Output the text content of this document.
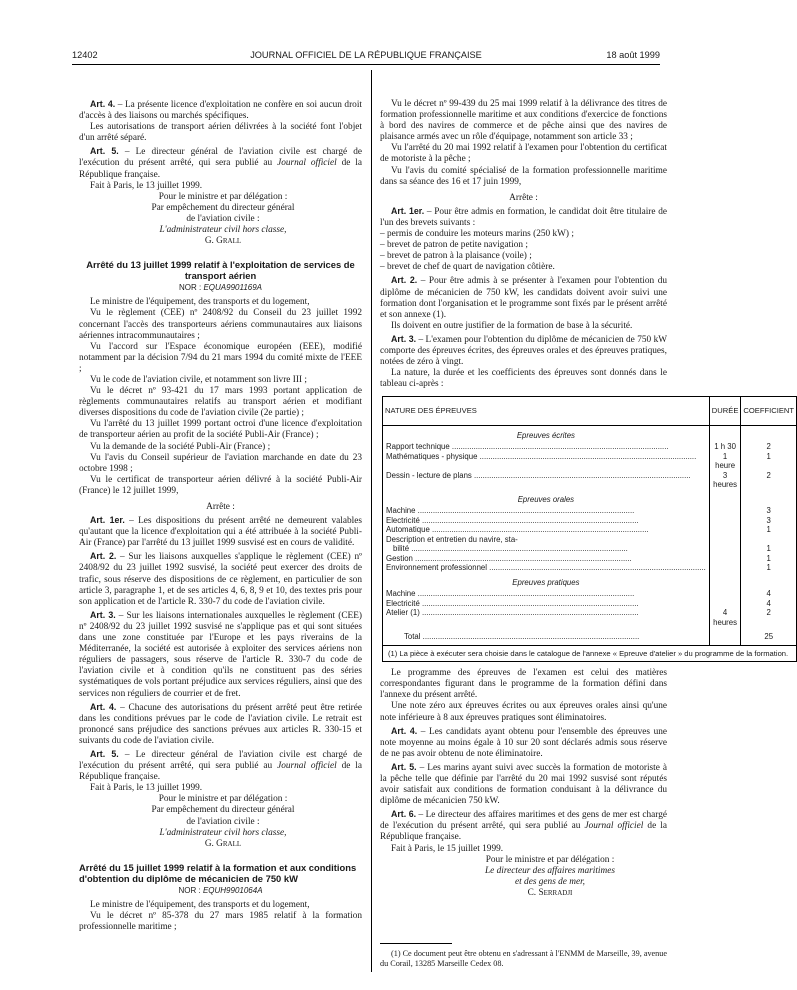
12402	JOURNAL OFFICIEL DE LA RÉPUBLIQUE FRANÇAISE	18 août 1999

Art. 4. – La présente licence d'exploitation ne confère en soi aucun droit d'accès à des liaisons ou marchés spécifiques.

Les autorisations de transport aérien délivrées à la société font l'objet d'un arrêté séparé.

Art. 5. – Le directeur général de l'aviation civile est chargé de l'exécution du présent arrêté, qui sera publié au Journal officiel de la République française.

Fait à Paris, le 13 juillet 1999.

Pour le ministre et par délégation :
Par empêchement du directeur général
de l'aviation civile :
L'administrateur civil hors classe,
G. Grall

Arrêté du 13 juillet 1999 relatif à l'exploitation de services de transport aérien

NOR : EQUA9901169A

Le ministre de l'équipement, des transports et du logement,

Vu le règlement (CEE) nº 2408/92 du Conseil du 23 juillet 1992 concernant l'accès des transporteurs aériens communautaires aux liaisons aériennes intracommunautaires ;

Vu l'accord sur l'Espace économique européen (EEE), modifié notamment par la décision 7/94 du 21 mars 1994 du comité mixte de l'EEE ;

Vu le code de l'aviation civile, et notamment son livre III ;

Vu le décret nº 93-421 du 17 mars 1993 portant application de règlements communautaires relatifs au transport aérien et modifiant diverses dispositions du code de l'aviation civile (2e partie) ;

Vu l'arrêté du 13 juillet 1999 portant octroi d'une licence d'exploitation de transporteur aérien au profit de la société Publi-Air (France) ;

Vu la demande de la société Publi-Air (France) ;

Vu l'avis du Conseil supérieur de l'aviation marchande en date du 23 octobre 1998 ;

Vu le certificat de transporteur aérien délivré à la société Publi-Air (France) le 12 juillet 1999,

Arrête :

Art. 1er. – Les dispositions du présent arrêté ne demeurent valables qu'autant que la licence d'exploitation qui a été attribuée à la société Publi-Air (France) par l'arrêté du 13 juillet 1999 susvisé est en cours de validité.

Art. 2. – Sur les liaisons auxquelles s'applique le règlement (CEE) nº 2408/92 du 23 juillet 1992 susvisé, la société peut exercer des droits de trafic, sous réserve des dispositions de ce règlement, en particulier de son article 3, paragraphe 1, et de ses articles 4, 6, 8, 9 et 10, des textes pris pour son application et de l'article R. 330-7 du code de l'aviation civile.

Art. 3. – Sur les liaisons internationales auxquelles le règlement (CEE) nº 2408/92 du 23 juillet 1992 susvisé ne s'applique pas et qui sont situées dans une zone constituée par l'Europe et les pays riverains de la Méditerranée, la société est autorisée à exploiter des services aériens non réguliers de passagers, sous réserve de l'article R. 330-7 du code de l'aviation civile et à condition qu'ils ne constituent pas des séries systématiques de vols portant préjudice aux services réguliers, ainsi que des services non réguliers de courrier et de fret.

Art. 4. – Chacune des autorisations du présent arrêté peut être retirée dans les conditions prévues par le code de l'aviation civile. Le retrait est prononcé sans préjudice des sanctions prévues aux articles R. 330-15 et suivants du code de l'aviation civile.

Art. 5. – Le directeur général de l'aviation civile est chargé de l'exécution du présent arrêté, qui sera publié au Journal officiel de la République française.

Fait à Paris, le 13 juillet 1999.

Pour le ministre et par délégation :
Par empêchement du directeur général
de l'aviation civile :
L'administrateur civil hors classe,
G. Grall

Arrêté du 15 juillet 1999 relatif à la formation et aux conditions d'obtention du diplôme de mécanicien de 750 kW

NOR : EQUH9901064A

Le ministre de l'équipement, des transports et du logement,

Vu le décret nº 85-378 du 27 mars 1985 relatif à la formation professionnelle maritime ;

Vu le décret nº 99-439 du 25 mai 1999 relatif à la délivrance des titres de formation professionnelle maritime et aux conditions d'exercice de fonctions à bord des navires de commerce et de pêche ainsi que des navires de plaisance armés avec un rôle d'équipage, notamment son article 33 ;

Vu l'arrêté du 20 mai 1992 relatif à l'examen pour l'obtention du certificat de motoriste à la pêche ;

Vu l'avis du comité spécialisé de la formation professionnelle maritime dans sa séance des 16 et 17 juin 1999,

Arrête :

Art. 1er. – Pour être admis en formation, le candidat doit être titulaire de l'un des brevets suivants :

– permis de conduire les moteurs marins (250 kW) ;
– brevet de patron de petite navigation ;
– brevet de patron à la plaisance (voile) ;
– brevet de chef de quart de navigation côtière.

Art. 2. – Pour être admis à se présenter à l'examen pour l'obtention du diplôme de mécanicien de 750 kW, les candidats doivent avoir suivi une formation dont l'organisation et le programme sont fixés par le présent arrêté et son annexe (1).

Ils doivent en outre justifier de la formation de base à la sécurité.

Art. 3. – L'examen pour l'obtention du diplôme de mécanicien de 750 kW comporte des épreuves écrites, des épreuves orales et des épreuves pratiques, notées de zéro à vingt.

La nature, la durée et les coefficients des épreuves sont donnés dans le tableau ci-après :

NATURE DES ÉPREUVES	DURÉE	COEFFICIENT
Epreuves écrites		

Rapport technique .....	1 h 30	2

Mathématiques - physique .....	1 heure	1

Dessin - lecture de plans .....	3 heures	2
Epreuves orales		

Machine .....		3

Electricité .....		3

Automatique .....		1

Description et entretien du navire, sta-
bilité .....		1

Gestion .....		1

Environnement professionnel .....		1
Epreuves pratiques		

Machine .....		4

Electricité .....		4

Atelier (1) .....	4 heures	2

Total .....		25
(1) La pièce à exécuter sera choisie dans le catalogue de l'annexe « Epreuve d'atelier » du programme de la formation.		

Le programme des épreuves de l'examen est celui des matières correspondantes figurant dans le programme de la formation défini dans l'annexe du présent arrêté.

Une note zéro aux épreuves écrites ou aux épreuves orales ainsi qu'une note inférieure à 8 aux épreuves pratiques sont éliminatoires.

Art. 4. – Les candidats ayant obtenu pour l'ensemble des épreuves une note moyenne au moins égale à 10 sur 20 sont déclarés admis sous réserve de ne pas avoir obtenu de note éliminatoire.

Art. 5. – Les marins ayant suivi avec succès la formation de motoriste à la pêche telle que définie par l'arrêté du 20 mai 1992 susvisé sont réputés avoir satisfait aux conditions de formation conduisant à la délivrance du diplôme de mécanicien 750 kW.

Art. 6. – Le directeur des affaires maritimes et des gens de mer est chargé de l'exécution du présent arrêté, qui sera publié au Journal officiel de la République française.

Fait à Paris, le 15 juillet 1999.

Pour le ministre et par délégation :
Le directeur des affaires maritimes
et des gens de mer,
C. Serradji

(1) Ce document peut être obtenu en s'adressant à l'ENMM de Marseille, 39, avenue du Corail, 13285 Marseille Cedex 08.
